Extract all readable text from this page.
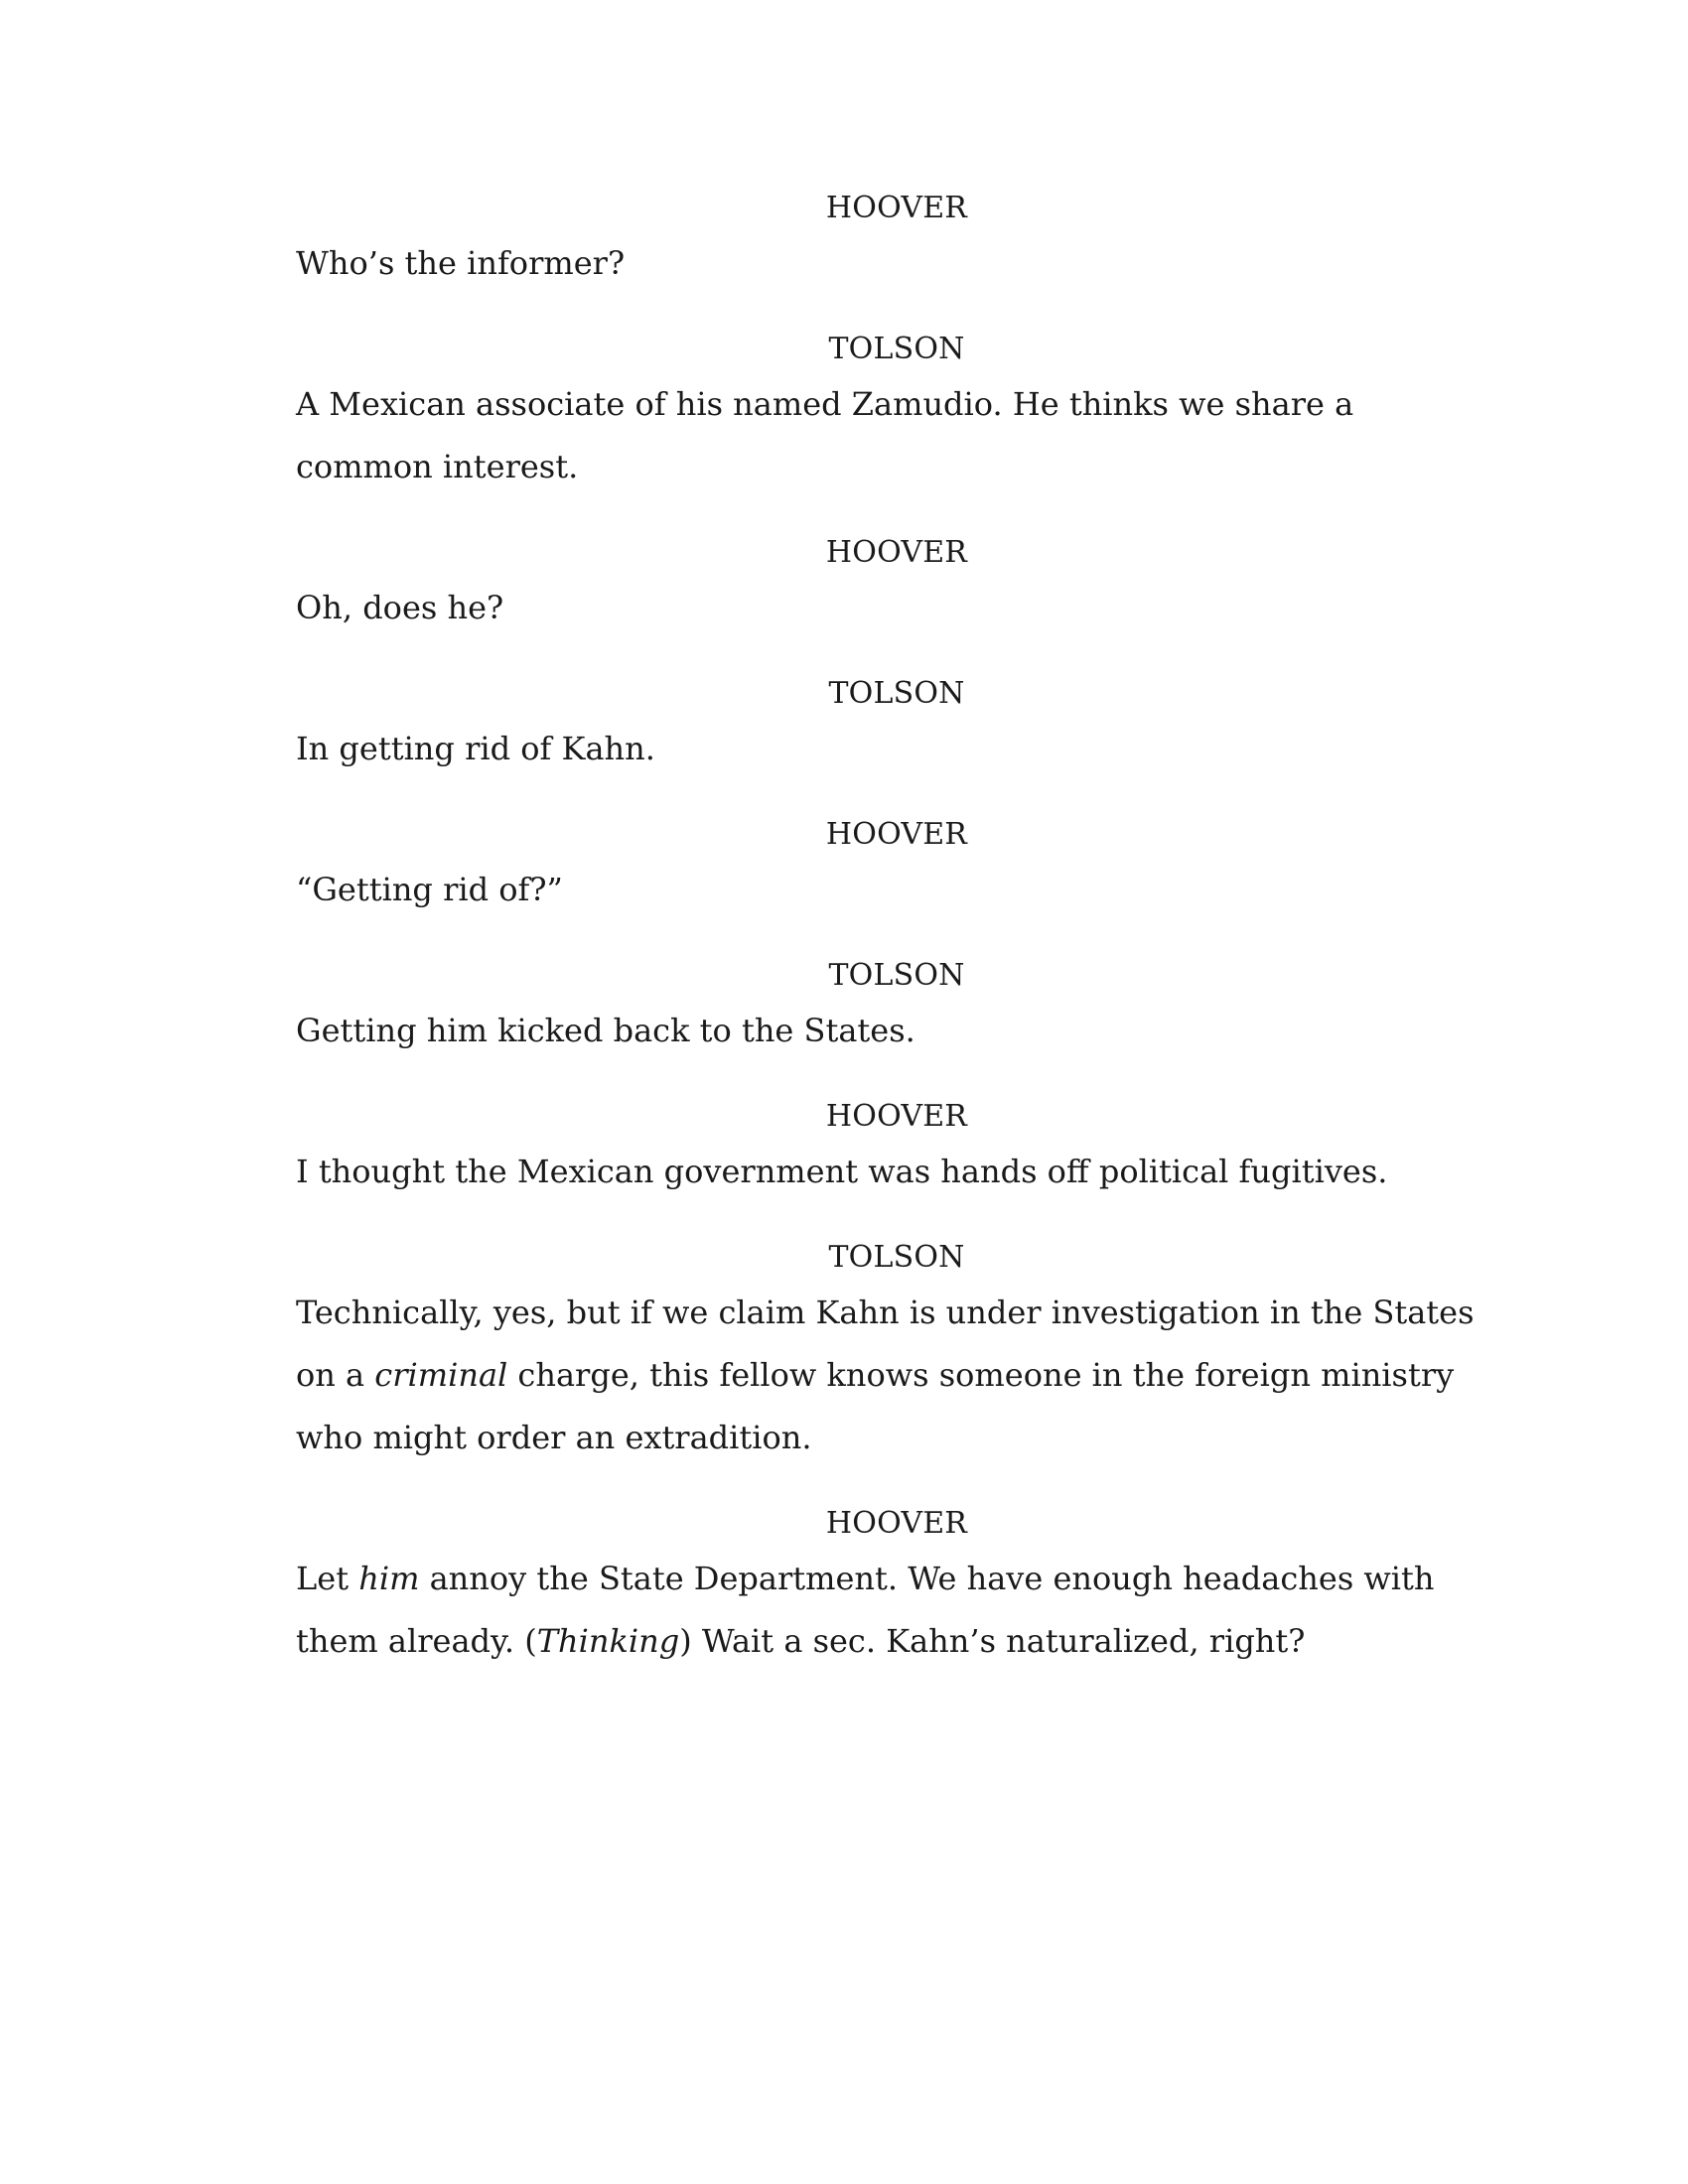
HOOVER
Who’s the informer?
TOLSON
A Mexican associate of his named Zamudio. He thinks we share a
common interest.
HOOVER
Oh, does he?
TOLSON
In getting rid of Kahn.
HOOVER
“Getting rid of?”
TOLSON
Getting him kicked back to the States.
HOOVER
I thought the Mexican government was hands off political fugitives.
TOLSON
Technically, yes, but if we claim Kahn is under investigation in the States
on a criminal charge, this fellow knows someone in the foreign ministry
who might order an extradition.
HOOVER
Let him annoy the State Department. We have enough headaches with
them already. (Thinking) Wait a sec. Kahn’s naturalized, right?
